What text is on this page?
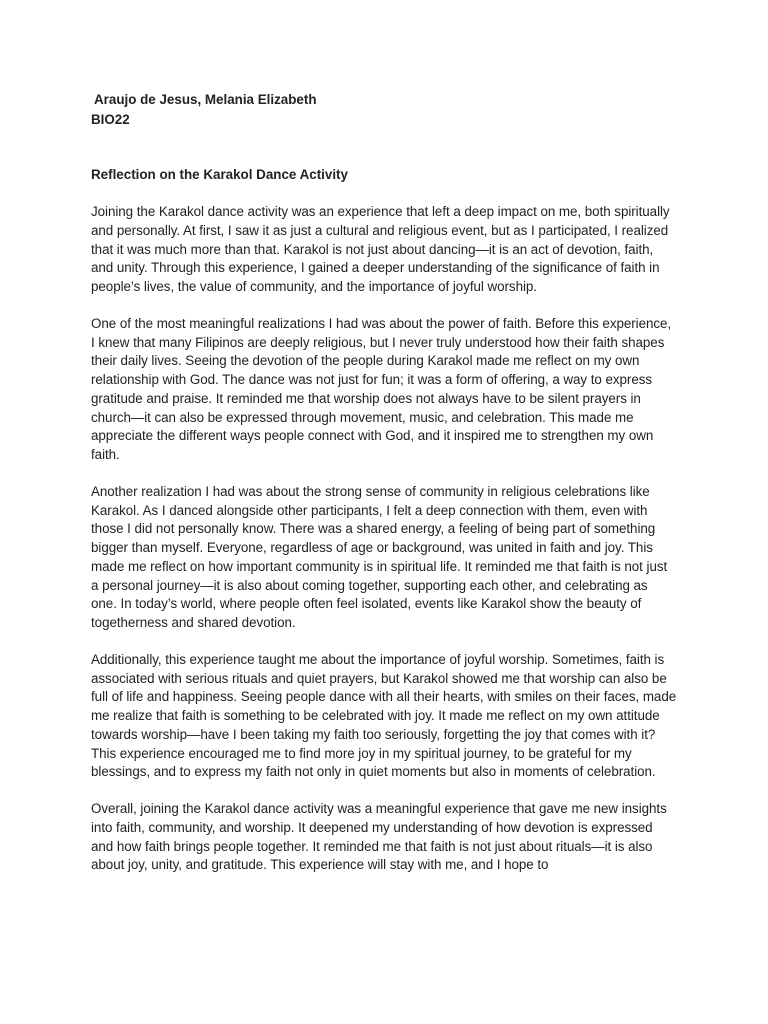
Araujo de Jesus, Melania Elizabeth

BIO22

Reflection on the Karakol Dance Activity

Joining the Karakol dance activity was an experience that left a deep impact on me, both spiritually and personally. At first, I saw it as just a cultural and religious event, but as I participated, I realized that it was much more than that. Karakol is not just about dancing—it is an act of devotion, faith, and unity. Through this experience, I gained a deeper understanding of the significance of faith in people’s lives, the value of community, and the importance of joyful worship.

One of the most meaningful realizations I had was about the power of faith. Before this experience, I knew that many Filipinos are deeply religious, but I never truly understood how their faith shapes their daily lives. Seeing the devotion of the people during Karakol made me reflect on my own relationship with God. The dance was not just for fun; it was a form of offering, a way to express gratitude and praise. It reminded me that worship does not always have to be silent prayers in church—it can also be expressed through movement, music, and celebration. This made me appreciate the different ways people connect with God, and it inspired me to strengthen my own faith.

Another realization I had was about the strong sense of community in religious celebrations like Karakol. As I danced alongside other participants, I felt a deep connection with them, even with those I did not personally know. There was a shared energy, a feeling of being part of something bigger than myself. Everyone, regardless of age or background, was united in faith and joy. This made me reflect on how important community is in spiritual life. It reminded me that faith is not just a personal journey—it is also about coming together, supporting each other, and celebrating as one. In today’s world, where people often feel isolated, events like Karakol show the beauty of togetherness and shared devotion.

Additionally, this experience taught me about the importance of joyful worship. Sometimes, faith is associated with serious rituals and quiet prayers, but Karakol showed me that worship can also be full of life and happiness. Seeing people dance with all their hearts, with smiles on their faces, made me realize that faith is something to be celebrated with joy. It made me reflect on my own attitude towards worship—have I been taking my faith too seriously, forgetting the joy that comes with it? This experience encouraged me to find more joy in my spiritual journey, to be grateful for my blessings, and to express my faith not only in quiet moments but also in moments of celebration.

Overall, joining the Karakol dance activity was a meaningful experience that gave me new insights into faith, community, and worship. It deepened my understanding of how devotion is expressed and how faith brings people together. It reminded me that faith is not just about rituals—it is also about joy, unity, and gratitude. This experience will stay with me, and I hope to
